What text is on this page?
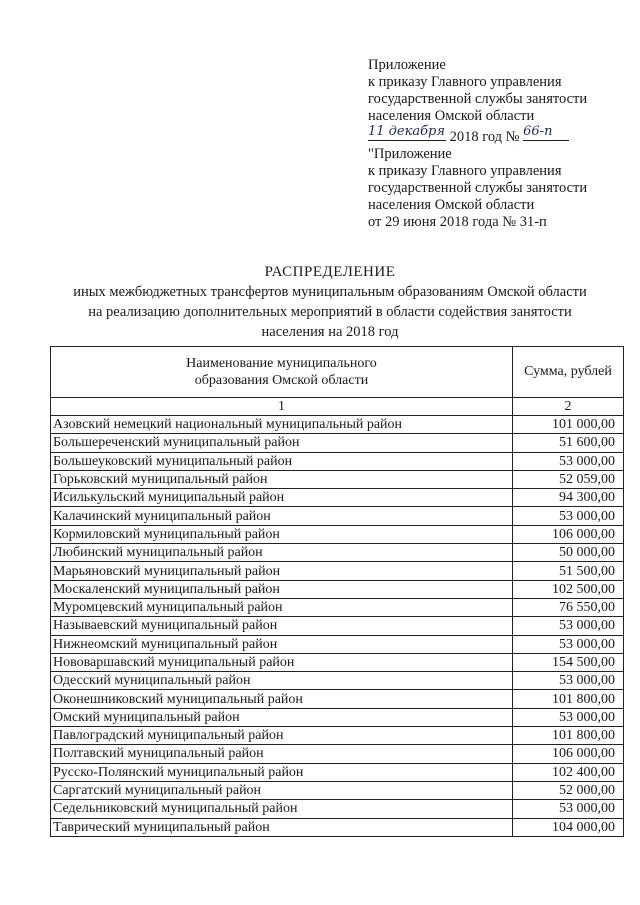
Приложение
к приказу Главного управления
государственной службы занятости
населения Омской области
11 декабря 2018 год № 66-п
"Приложение
к приказу Главного управления
государственной службы занятости
населения Омской области
от 29 июня 2018 года № 31-п
РАСПРЕДЕЛЕНИЕ
иных межбюджетных трансфертов муниципальным образованиям Омской области
на реализацию дополнительных мероприятий в области содействия занятости
населения на 2018 год
Наименование муниципального
образования Омской области	Сумма, рублей
1	2
Азовский немецкий национальный муниципальный район	101 000,00
Большереченский муниципальный район	51 600,00
Большеуковский муниципальный район	53 000,00
Горьковский муниципальный район	52 059,00
Исилькульский муниципальный район	94 300,00
Калачинский муниципальный район	53 000,00
Кормиловский муниципальный район	106 000,00
Любинский муниципальный район	50 000,00
Марьяновский муниципальный район	51 500,00
Москаленский муниципальный район	102 500,00
Муромцевский муниципальный район	76 550,00
Называевский муниципальный район	53 000,00
Нижнеомский муниципальный район	53 000,00
Нововаршавский муниципальный район	154 500,00
Одесский муниципальный район	53 000,00
Оконешниковский муниципальный район	101 800,00
Омский муниципальный район	53 000,00
Павлоградский муниципальный район	101 800,00
Полтавский муниципальный район	106 000,00
Русско-Полянский муниципальный район	102 400,00
Саргатский муниципальный район	52 000,00
Седельниковский муниципальный район	53 000,00
Таврический муниципальный район	104 000,00
